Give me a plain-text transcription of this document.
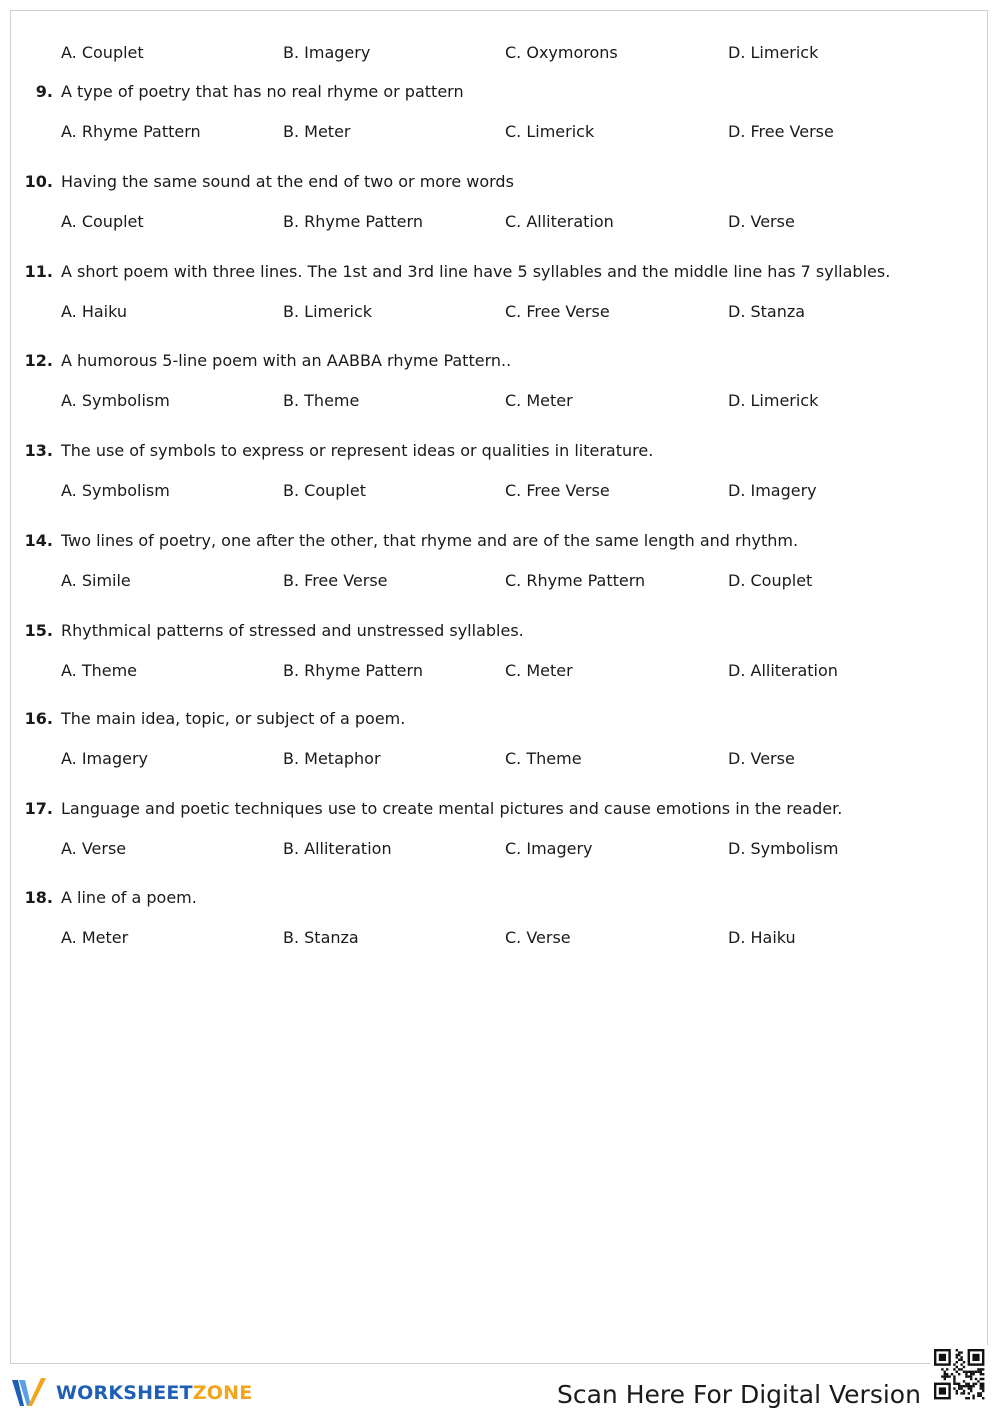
A. Couplet	B. Imagery	C. Oxymorons	D. Limerick
9. A type of poetry that has no real rhyme or pattern
A. Rhyme Pattern	B. Meter	C. Limerick	D. Free Verse
10. Having the same sound at the end of two or more words
A. Couplet	B. Rhyme Pattern	C. Alliteration	D. Verse
11. A short poem with three lines. The 1st and 3rd line have 5 syllables and the middle line has 7 syllables.
A. Haiku	B. Limerick	C. Free Verse	D. Stanza
12. A humorous 5-line poem with an AABBA rhyme Pattern..
A. Symbolism	B. Theme	C. Meter	D. Limerick
13. The use of symbols to express or represent ideas or qualities in literature.
A. Symbolism	B. Couplet	C. Free Verse	D. Imagery
14. Two lines of poetry, one after the other, that rhyme and are of the same length and rhythm.
A. Simile	B. Free Verse	C. Rhyme Pattern	D. Couplet
15. Rhythmical patterns of stressed and unstressed syllables.
A. Theme	B. Rhyme Pattern	C. Meter	D. Alliteration
16. The main idea, topic, or subject of a poem.
A. Imagery	B. Metaphor	C. Theme	D. Verse
17. Language and poetic techniques use to create mental pictures and cause emotions in the reader.
A. Verse	B. Alliteration	C. Imagery	D. Symbolism
18. A line of a poem.
A. Meter	B. Stanza	C. Verse	D. Haiku
WORKSHEETZONE	Scan Here For Digital Version
